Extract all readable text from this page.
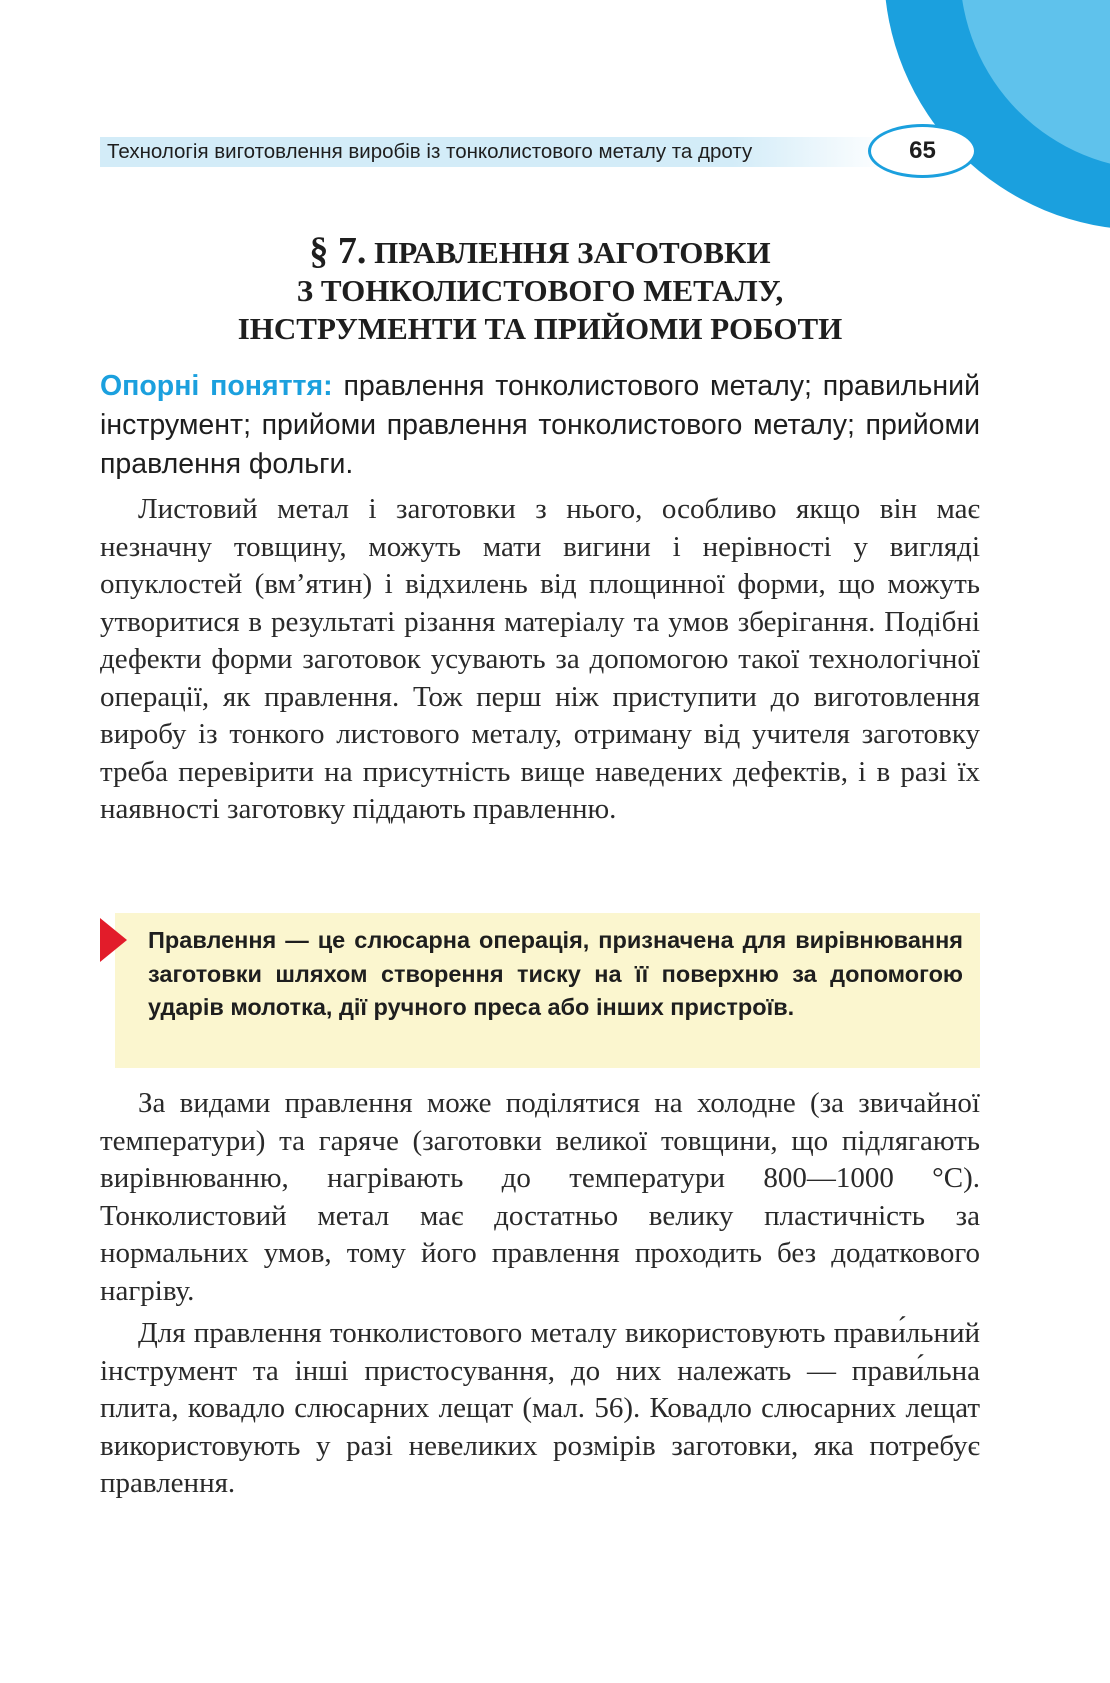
Технологія виготовлення виробів із тонколистового металу та дроту	65
§ 7. ПРАВЛЕННЯ ЗАГОТОВКИ
З ТОНКОЛИСТОВОГО МЕТАЛУ,
ІНСТРУМЕНТИ ТА ПРИЙОМИ РОБОТИ
Опорні поняття: правлення тонколистового металу; правильний інструмент; прийоми правлення тонколистового металу; прийоми правлення фольги.
Листовий метал і заготовки з нього, особливо якщо він має незначну товщину, можуть мати вигини і нерівності у вигляді опуклостей (вм’ятин) і відхилень від площинної форми, що можуть утворитися в результаті різання матеріалу та умов зберігання. Подібні дефекти форми заготовок усувають за допомогою такої технологічної операції, як правлення. Тож перш ніж приступити до виготовлення виробу із тонкого листового металу, отриману від учителя заготовку треба перевірити на присутність вище наведених дефектів, і в разі їх наявності заготовку піддають правленню.
Правлення — це слюсарна операція, призначена для вирівнювання заготовки шляхом створення тиску на її поверхню за допомогою ударів молотка, дії ручного преса або інших пристроїв.
За видами правлення може поділятися на холодне (за звичайної температури) та гаряче (заготовки великої товщини, що підлягають вирівнюванню, нагрівають до температури 800—1000 °С). Тонколистовий метал має достатньо велику пластичність за нормальних умов, тому його правлення проходить без додаткового нагріву.
Для правлення тонколистового металу використовують прави́льний інструмент та інші пристосування, до них належать — прави́льна плита, ковадло слюсарних лещат (мал. 56). Ковадло слюсарних лещат використовують у разі невеликих розмірів заготовки, яка потребує правлення.
